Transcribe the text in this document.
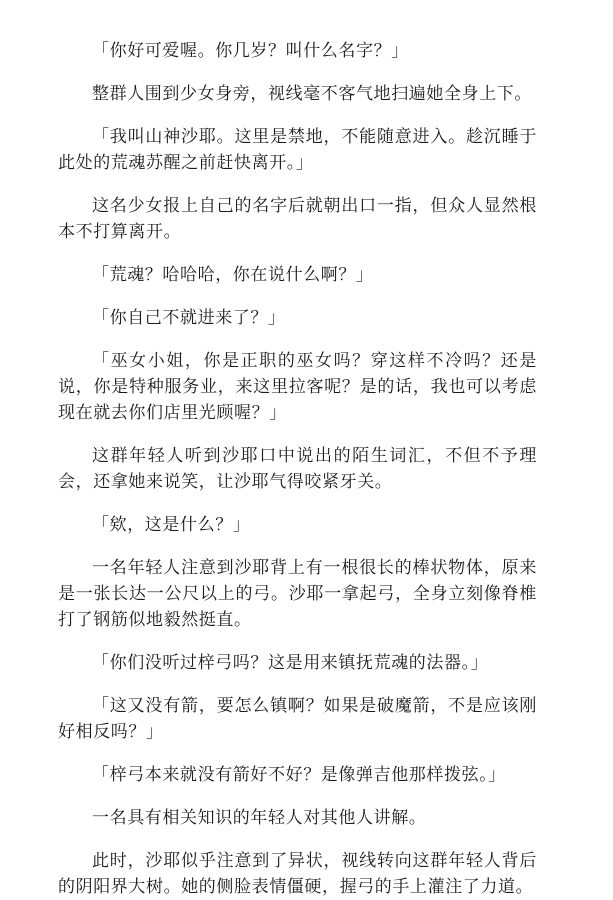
「你好可爱喔。你几岁？叫什么名字？」

整群人围到少女身旁，视线毫不客气地扫遍她全身上下。

「我叫山神沙耶。这里是禁地，不能随意进入。趁沉睡于此处的荒魂苏醒之前赶快离开。」

这名少女报上自己的名字后就朝出口一指，但众人显然根本不打算离开。

「荒魂？哈哈哈，你在说什么啊？」

「你自己不就进来了？」

「巫女小姐，你是正职的巫女吗？穿这样不冷吗？还是说，你是特种服务业，来这里拉客呢？是的话，我也可以考虑现在就去你们店里光顾喔？」

这群年轻人听到沙耶口中说出的陌生词汇，不但不予理会，还拿她来说笑，让沙耶气得咬紧牙关。

「欸，这是什么？」

一名年轻人注意到沙耶背上有一根很长的棒状物体，原来是一张长达一公尺以上的弓。沙耶一拿起弓，全身立刻像脊椎打了钢筋似地毅然挺直。

「你们没听过梓弓吗？这是用来镇抚荒魂的法器。」

「这又没有箭，要怎么镇啊？如果是破魔箭，不是应该刚好相反吗？」

「梓弓本来就没有箭好不好？是像弹吉他那样拨弦。」

一名具有相关知识的年轻人对其他人讲解。

此时，沙耶似乎注意到了异状，视线转向这群年轻人背后的阴阳界大树。她的侧脸表情僵硬，握弓的手上灌注了力道。
